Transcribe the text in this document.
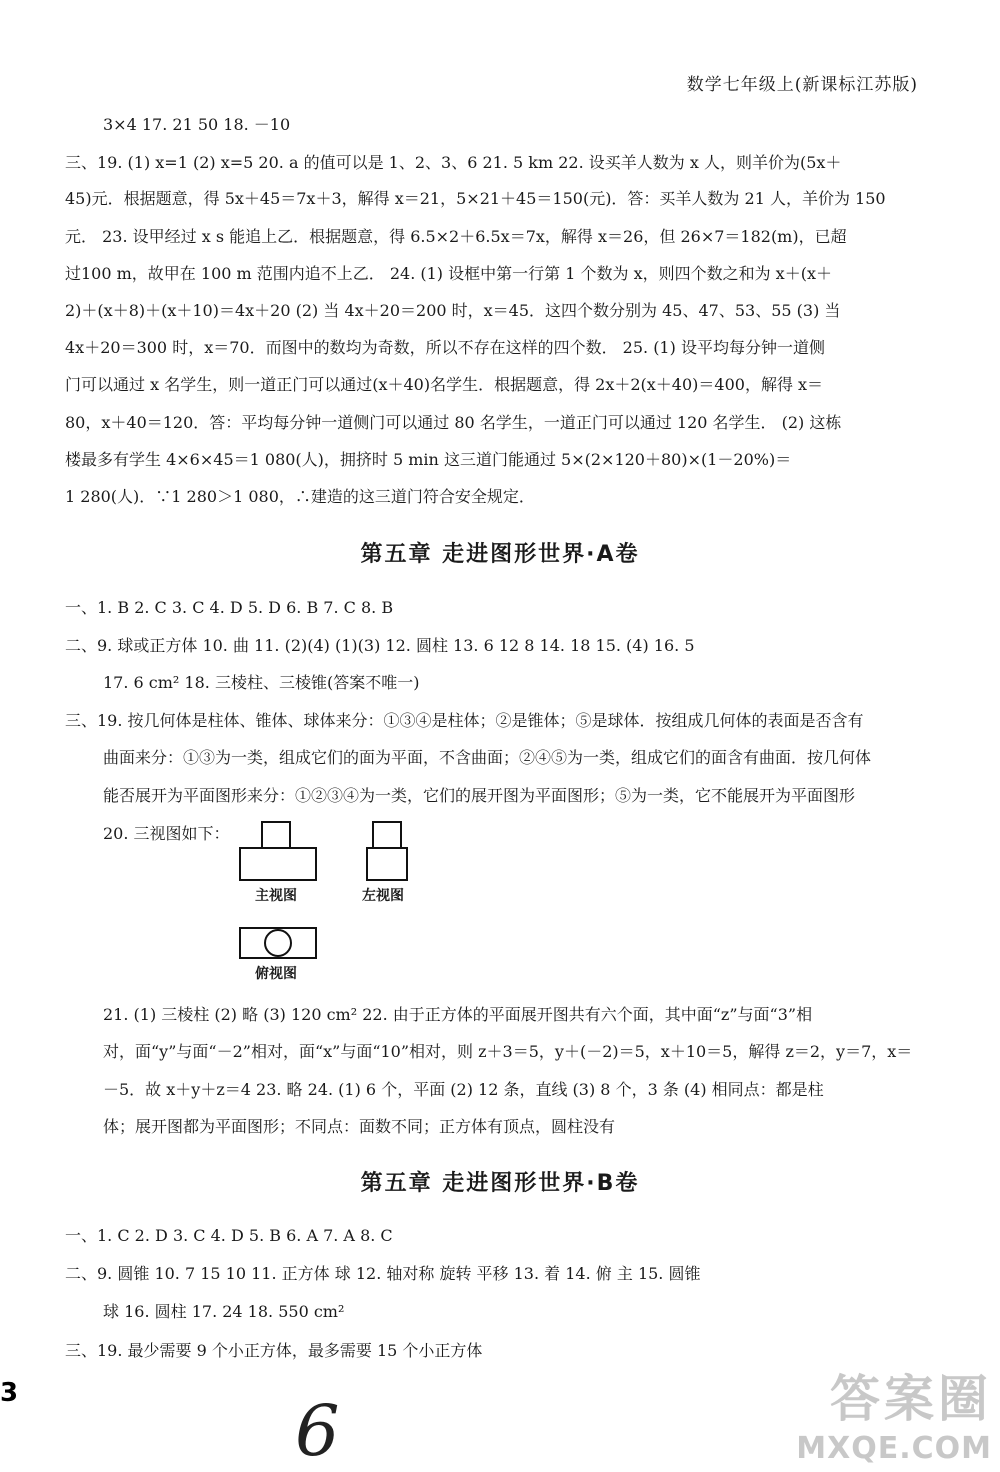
数学七年级上(新课标江苏版)
3×4 17. 21 50 18. －10
三、19. (1) x=1 (2) x=5 20. a 的值可以是 1、2、3、6 21. 5 km 22. 设买羊人数为 x 人，则羊价为(5x＋
45)元．根据题意，得 5x＋45＝7x＋3，解得 x＝21，5×21＋45＝150(元)．答：买羊人数为 21 人，羊价为 150
元． 23. 设甲经过 x s 能追上乙．根据题意，得 6.5×2＋6.5x＝7x，解得 x＝26，但 26×7＝182(m)，已超
过100 m，故甲在 100 m 范围内追不上乙． 24. (1) 设框中第一行第 1 个数为 x，则四个数之和为 x＋(x＋
2)＋(x＋8)＋(x＋10)＝4x＋20 (2) 当 4x＋20＝200 时，x＝45．这四个数分别为 45、47、53、55 (3) 当
4x＋20＝300 时，x＝70．而图中的数均为奇数，所以不存在这样的四个数． 25. (1) 设平均每分钟一道侧
门可以通过 x 名学生，则一道正门可以通过(x＋40)名学生．根据题意，得 2x＋2(x＋40)＝400，解得 x＝
80，x＋40＝120．答：平均每分钟一道侧门可以通过 80 名学生，一道正门可以通过 120 名学生． (2) 这栋
楼最多有学生 4×6×45＝1 080(人)，拥挤时 5 min 这三道门能通过 5×(2×120＋80)×(1－20%)＝
1 280(人)．∵1 280＞1 080，∴建造的这三道门符合安全规定．
第五章 走进图形世界·A卷
一、1. B 2. C 3. C 4. D 5. D 6. B 7. C 8. B
二、9. 球或正方体 10. 曲 11. (2)(4) (1)(3) 12. 圆柱 13. 6 12 8 14. 18 15. (4) 16. 5
17. 6 cm² 18. 三棱柱、三棱锥(答案不唯一)
三、19. 按几何体是柱体、锥体、球体来分：①③④是柱体；②是锥体；⑤是球体．按组成几何体的表面是否含有
曲面来分：①③为一类，组成它们的面为平面，不含曲面；②④⑤为一类，组成它们的面含有曲面．按几何体
能否展开为平面图形来分：①②③④为一类，它们的展开图为平面图形；⑤为一类，它不能展开为平面图形
20. 三视图如下：
主视图	左视图
俯视图
21. (1) 三棱柱 (2) 略 (3) 120 cm² 22. 由于正方体的平面展开图共有六个面，其中面“z”与面“3”相
对，面“y”与面“－2”相对，面“x”与面“10”相对，则 z＋3＝5，y＋(－2)＝5，x＋10＝5，解得 z＝2，y＝7，x＝
－5．故 x＋y＋z＝4 23. 略 24. (1) 6 个，平面 (2) 12 条，直线 (3) 8 个，3 条 (4) 相同点：都是柱
体；展开图都为平面图形；不同点：面数不同；正方体有顶点，圆柱没有
第五章 走进图形世界·B卷
一、1. C 2. D 3. C 4. D 5. B 6. A 7. A 8. C
二、9. 圆锥 10. 7 15 10 11. 正方体 球 12. 轴对称 旋转 平移 13. 着 14. 俯 主 15. 圆锥
球 16. 圆柱 17. 24 18. 550 cm²
三、19. 最少需要 9 个小正方体，最多需要 15 个小正方体
3	6	答案圈
MXQE.COM
